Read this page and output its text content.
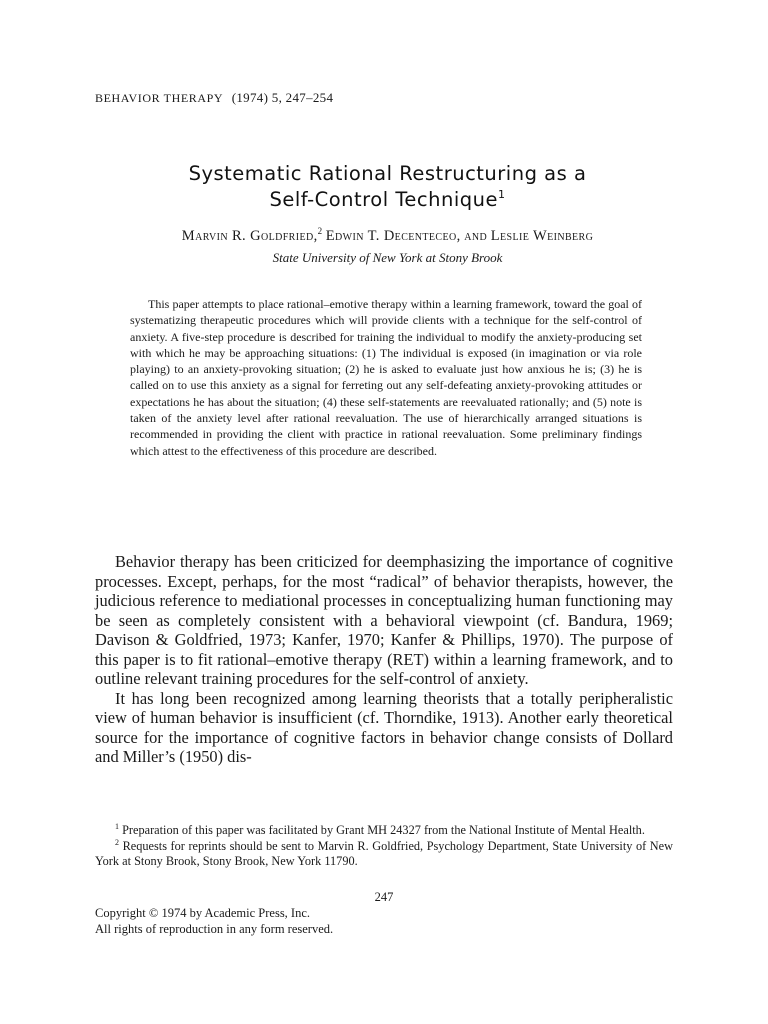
BEHAVIOR THERAPY (1974) 5, 247–254
Systematic Rational Restructuring as a
Self-Control Technique$^1$
Marvin R. Goldfried,$^2$ Edwin T. Decenteceo, and Leslie Weinberg
State University of New York at Stony Brook

This paper attempts to place rational–emotive therapy within a learning framework, toward the goal of systematizing therapeutic procedures which will provide clients with a technique for the self-control of anxiety. A five-step procedure is described for training the individual to modify the anxiety-producing set with which he may be approaching situations: (1) The individual is exposed (in imagination or via role playing) to an anxiety-provoking situation; (2) he is asked to evaluate just how anxious he is; (3) he is called on to use this anxiety as a signal for ferreting out any self-defeating anxiety-provoking attitudes or expectations he has about the situation; (4) these self-statements are reevaluated rationally; and (5) note is taken of the anxiety level after rational reevaluation. The use of hierarchically arranged situations is recommended in providing the client with practice in rational reevaluation. Some preliminary findings which attest to the effectiveness of this procedure are described.

Behavior therapy has been criticized for deemphasizing the importance of cognitive processes. Except, perhaps, for the most “radical” of behavior therapists, however, the judicious reference to mediational processes in conceptualizing human functioning may be seen as completely consistent with a behavioral viewpoint (cf. Bandura, 1969; Davison & Goldfried, 1973; Kanfer, 1970; Kanfer & Phillips, 1970). The purpose of this paper is to fit rational–emotive therapy (RET) within a learning framework, and to outline relevant training procedures for the self-control of anxiety.

It has long been recognized among learning theorists that a totally peripheralistic view of human behavior is insufficient (cf. Thorndike, 1913). Another early theoretical source for the importance of cognitive factors in behavior change consists of Dollard and Miller’s (1950) dis-

$^1$ Preparation of this paper was facilitated by Grant MH 24327 from the National Institute of Mental Health.

$^2$ Requests for reprints should be sent to Marvin R. Goldfried, Psychology Department, State University of New York at Stony Brook, Stony Brook, New York 11790.

247
Copyright © 1974 by Academic Press, Inc.
All rights of reproduction in any form reserved.
